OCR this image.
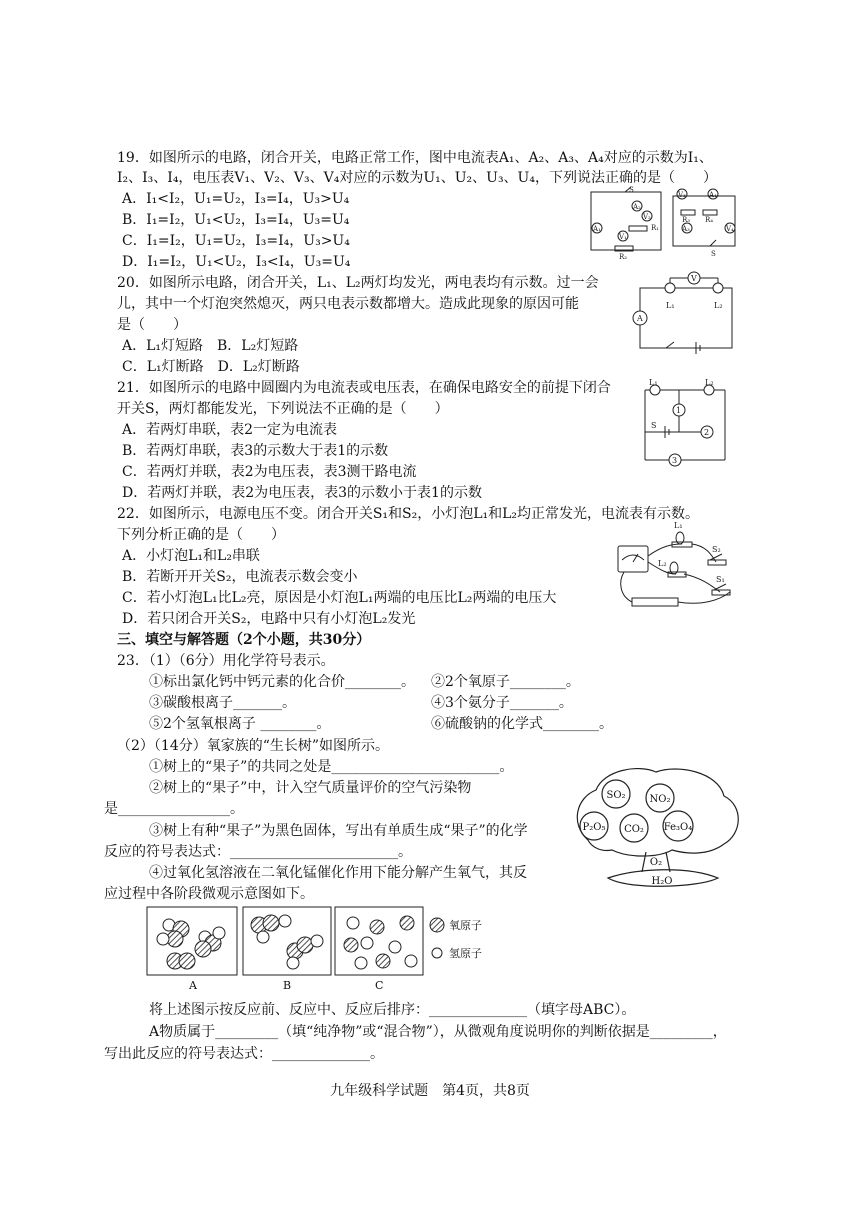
19．如图所示的电路，闭合开关，电路正常工作，图中电流表A₁、A₂、A₃、A₄对应的示数为I₁、
I₂、I₃、I₄，电压表V₁、V₂、V₃、V₄对应的示数为U₁、U₂、U₃、U₄，下列说法正确的是（　　）
A．I₁<I₂，U₁=U₂，I₃=I₄，U₃>U₄
B．I₁=I₂，U₁<U₂，I₃=I₄，U₃=U₄
C．I₁=I₂，U₁=U₂，I₃=I₄，U₃>U₄
D．I₁=I₂，U₁<U₂，I₃<I₄，U₃=U₄
S
A₂
V₂
A₁
V₁
R₁
R₂
V₃
A₃
R₃ R₄
A₄
V₄
S
20．如图所示电路，闭合开关，L₁、L₂两灯均发光，两电表均有示数。过一会
儿，其中一个灯泡突然熄灭，两只电表示数都增大。造成此现象的原因可能
是（　　）
A．L₁灯短路　B．L₂灯短路
C．L₁灯断路　D．L₂灯断路
V
A
L₁	L₂
21．如图所示的电路中圆圈内为电流表或电压表，在确保电路安全的前提下闭合
开关S，两灯都能发光，下列说法不正确的是（　　）
A．若两灯串联，表2一定为电流表
B．若两灯串联，表3的示数大于表1的示数
C．若两灯并联，表2为电压表，表3测干路电流
D．若两灯并联，表2为电压表，表3的示数小于表1的示数
L₁	L₂
1
S
2
3
22．如图所示，电源电压不变。闭合开关S₁和S₂，小灯泡L₁和L₂均正常发光，电流表有示数。
下列分析正确的是（　　）
A．小灯泡L₁和L₂串联
B．若断开开关S₂，电流表示数会变小
C．若小灯泡L₁比L₂亮，原因是小灯泡L₁两端的电压比L₂两端的电压大
D．若只闭合开关S₂，电路中只有小灯泡L₂发光
L₁
L₂
S₂
S₁
三、填空与解答题（2个小题，共30分）
23．（1）（6分）用化学符号表示。
①标出氯化钙中钙元素的化合价________。 ②2个氧原子________。
③碳酸根离子_______。	④3个氨分子_______。
⑤2个氢氧根离子 ________。	⑥硫酸钠的化学式________。
（2）（14分）氧家族的“生长树”如图所示。
①树上的“果子”的共同之处是________________________。
②树上的“果子”中，计入空气质量评价的空气污染物
是________________。
③树上有种“果子”为黑色固体，写出有单质生成“果子”的化学
反应的符号表达式：________________________。
④过氧化氢溶液在二氧化锰催化作用下能分解产生氧气，其反
应过程中各阶段微观示意图如下。
SO₂ NO₂
P₂O₅ CO₂ Fe₃O₄
O₂
H₂O
A	B	C
氧原子
氢原子
将上述图示按反应前、反应中、反应后排序：______________（填字母ABC）。
A物质属于_________（填“纯净物”或“混合物”），从微观角度说明你的判断依据是_________，
写出此反应的符号表达式：______________。
九年级科学试题　第4页，共8页
